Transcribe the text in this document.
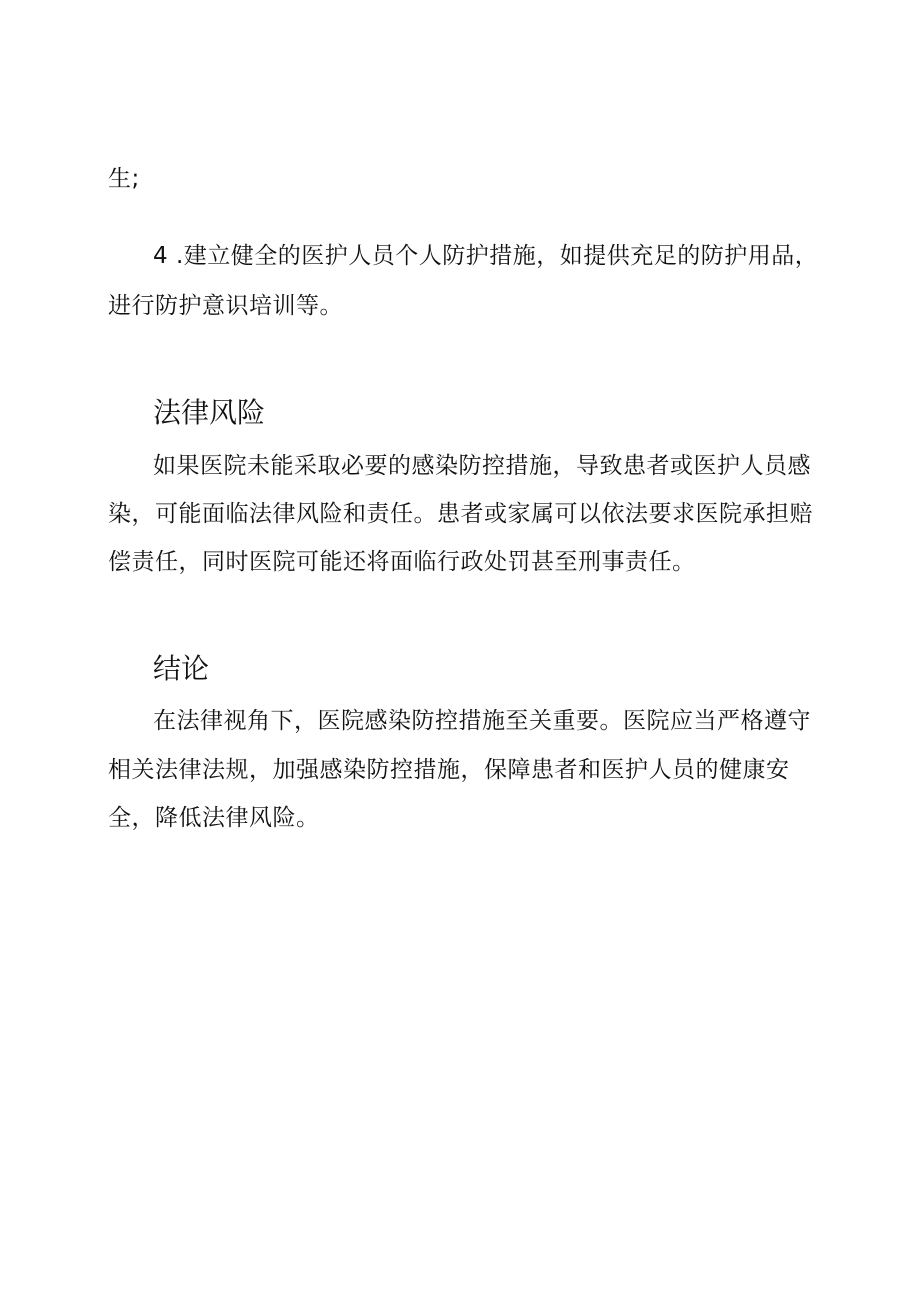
生;
4 .建立健全的医护人员个人防护措施，如提供充足的防护用品，
进行防护意识培训等。
法律风险
如果医院未能采取必要的感染防控措施，导致患者或医护人员感
染，可能面临法律风险和责任。患者或家属可以依法要求医院承担赔
偿责任，同时医院可能还将面临行政处罚甚至刑事责任。
结论
在法律视角下，医院感染防控措施至关重要。医院应当严格遵守
相关法律法规，加强感染防控措施，保障患者和医护人员的健康安
全，降低法律风险。
